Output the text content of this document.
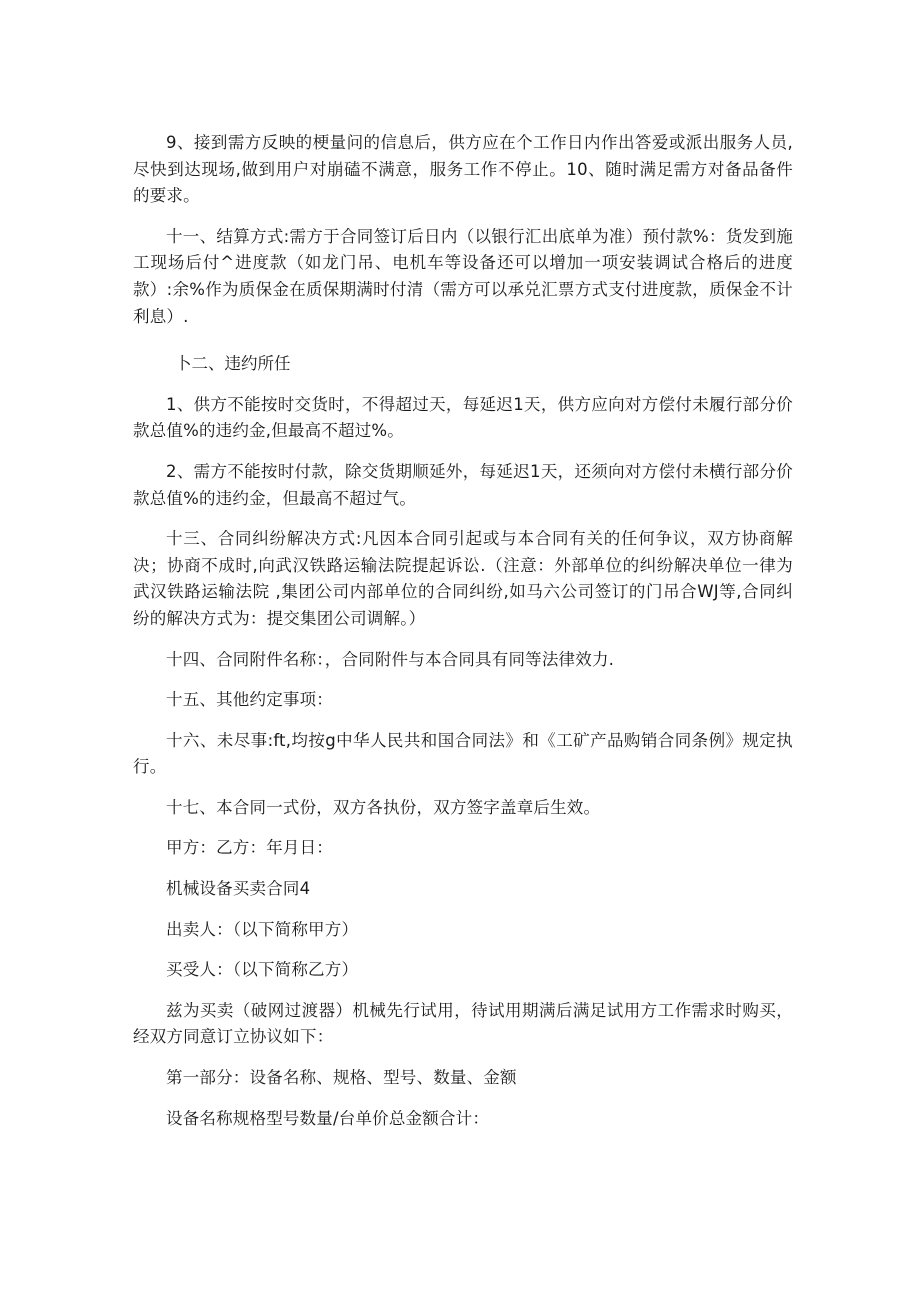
9、接到需方反映的梗量问的信息后，供方应在个工作日内作出答爱或派出服务人员,尽快到达现场,做到用户对崩磕不满意，服务工作不停止。10、随时满足需方对备品备件的要求。

十一、结算方式:需方于合同签订后日内（以银行汇出底单为准）预付款%：货发到施工现场后付^进度款（如龙门吊、电机车等设备还可以增加一项安装调试合格后的进度款）:余%作为质保金在质保期满时付清（需方可以承兑汇票方式支付进度款，质保金不计利息）.

卜二、违约所任

1、供方不能按时交货时，不得超过天，每延迟1天，供方应向对方偿付未履行部分价款总值%的违约金,但最高不超过%。

2、需方不能按时付款，除交货期顺延外，每延迟1天，还须向对方偿付未横行部分价款总值%的违约金，但最高不超过气。

十三、合同纠纷解决方式:凡因本合同引起或与本合同有关的任何争议，双方协商解决；协商不成时,向武汉铁路运输法院提起诉讼.（注意：外部单位的纠纷解决单位一律为武汉铁路运输法院 ,集团公司内部单位的合同纠纷,如马六公司签订的门吊合WJ等,合同纠纷的解决方式为：提交集团公司调解。）

十四、合同附件名称：，合同附件与本合同具有同等法律效力.

十五、其他约定事项：

十六、未尽事:ft,均按g中华人民共和国合同法》和《工矿产品购销合同条例》规定执行。

十七、本合同一式份，双方各执份，双方签字盖章后生效。

甲方：乙方：年月日：

机械设备买卖合同4

出卖人：（以下简称甲方）

买受人：（以下简称乙方）

兹为买卖（破网过渡器）机械先行试用，待试用期满后满足试用方工作需求时购买，经双方同意订立协议如下：

第一部分：设备名称、规格、型号、数量、金额

设备名称规格型号数量/台单价总金额合计：
